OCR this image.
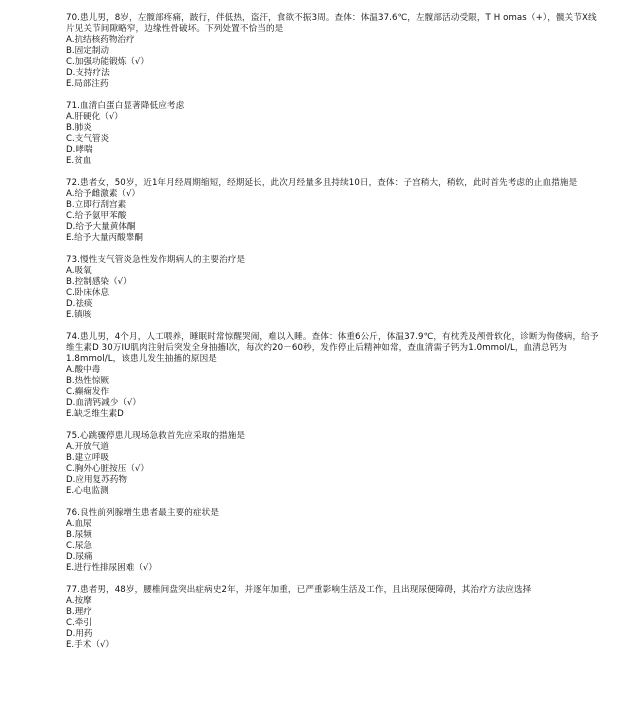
70.患儿男，8岁，左髋部疼痛，跛行，伴低热，盗汗，食欲不振3周。查体：体温37.6℃，左髋部活动受限，T H omas（+），髋关节X线片见关节间隙略窄，边缘性骨破坏。下列处置不恰当的是

A.抗结核药物治疗

B.固定制动

C.加强功能锻炼（√）

D.支持疗法

E.局部注药

71.血清白蛋白显著降低应考虑

A.肝硬化（√）

B.肺炎

C.支气管炎

D.哮喘

E.贫血

72.患者女，50岁，近1年月经周期缩短，经期延长，此次月经量多且持续10日，查体：子宫稍大，稍软，此时首先考虑的止血措施是

A.给予雌激素（√）

B.立即行刮宫素

C.给予氨甲苯酸

D.给予大量黄体酮

E.给予大量丙酸睾酮

73.慢性支气管炎急性发作期病人的主要治疗是

A.吸氧

B.控制感染（√）

C.卧床休息

D.祛痰

E.镇咳

74.患儿男，4个月，人工喂养，睡眠时常惊醒哭闹，难以入睡。查体：体重6公斤，体温37.9℃，有枕秃及颅骨软化，诊断为佝偻病，给予维生素D 30万IU肌肉注射后突发全身抽搐l次，每次约20－60秒，发作停止后精神如常，查血清需子钙为1.0mmol/L，血清总钙为1.8mmol/L，该患儿发生抽搐的原因是

A.酸中毒

B.热性惊厥

C.癫痫发作

D.血清钙减少（√）

E.缺乏维生素D

75.心跳骤停患儿现场急救首先应采取的措施是

A.开放气道

B.建立呼吸

C.胸外心脏按压（√）

D.应用复苏药物

E.心电监测

76.良性前列腺增生患者最主要的症状是

A.血尿

B.尿频

C.尿急

D.尿痛

E.进行性排尿困难（√）

77.患者男，48岁，腰椎间盘突出症病史2年，并逐年加重，已严重影响生活及工作，且出现尿便障碍，其治疗方法应选择

A.按摩

B.理疗

C.牵引

D.用药

E.手术（√）
